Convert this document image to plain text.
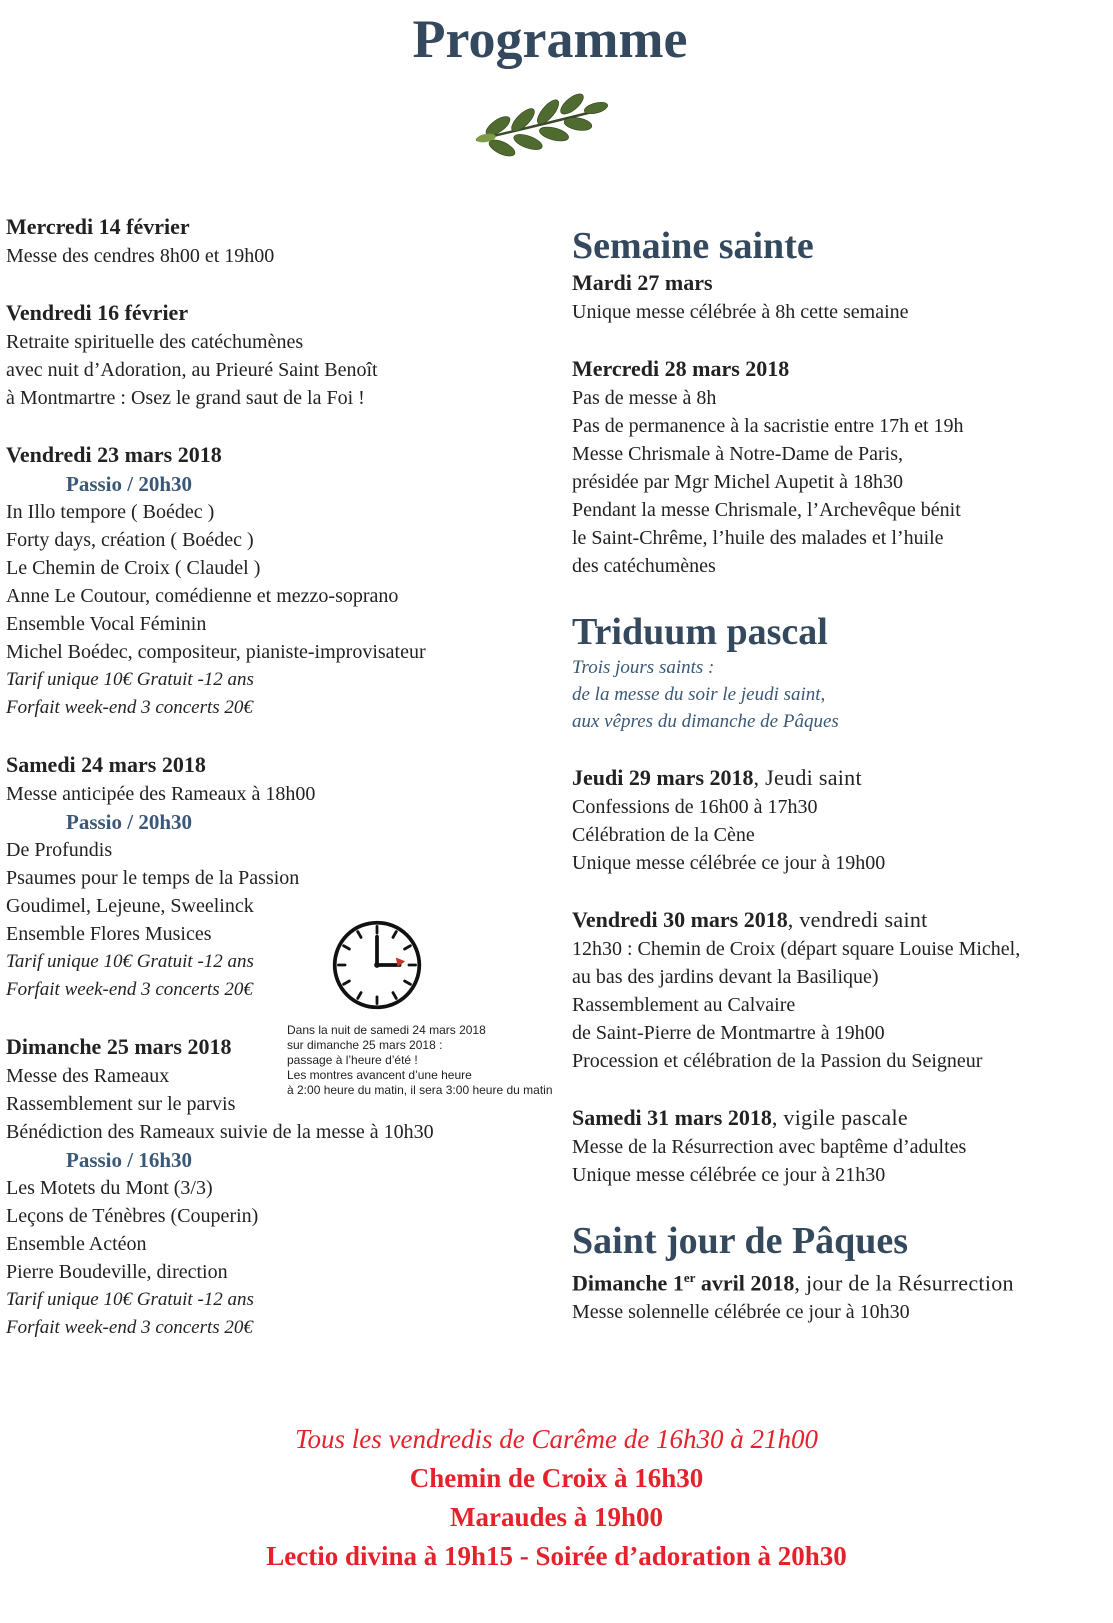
Programme
Mercredi 14 février
Messe des cendres 8h00 et 19h00
Vendredi 16 février
Retraite spirituelle des catéchumènes
avec nuit d’Adoration, au Prieuré Saint Benoît
à Montmartre : Osez le grand saut de la Foi !
Vendredi 23 mars 2018
Passio / 20h30
In Illo tempore ( Boédec )
Forty days, création ( Boédec )
Le Chemin de Croix ( Claudel )
Anne Le Coutour, comédienne et mezzo-soprano
Ensemble Vocal Féminin
Michel Boédec, compositeur, pianiste-improvisateur
Tarif unique 10€ Gratuit -12 ans
Forfait week-end 3 concerts 20€
Samedi 24 mars 2018
Messe anticipée des Rameaux à 18h00
Passio / 20h30
De Profundis
Psaumes pour le temps de la Passion
Goudimel, Lejeune, Sweelinck
Ensemble Flores Musices
Tarif unique 10€ Gratuit -12 ans
Forfait week-end 3 concerts 20€
Dimanche 25 mars 2018
Messe des Rameaux
Rassemblement sur le parvis
Bénédiction des Rameaux suivie de la messe à 10h30
Passio / 16h30
Les Motets du Mont (3/3)
Leçons de Ténèbres (Couperin)
Ensemble Actéon
Pierre Boudeville, direction
Tarif unique 10€ Gratuit -12 ans
Forfait week-end 3 concerts 20€
Dans la nuit de samedi 24 mars 2018
sur dimanche 25 mars 2018 :
passage à l’heure d’été !
Les montres avancent d’une heure
à 2:00 heure du matin, il sera 3:00 heure du matin
Semaine sainte
Mardi 27 mars
Unique messe célébrée à 8h cette semaine
Mercredi 28 mars 2018
Pas de messe à 8h
Pas de permanence à la sacristie entre 17h et 19h
Messe Chrismale à Notre-Dame de Paris,
présidée par Mgr Michel Aupetit à 18h30
Pendant la messe Chrismale, l’Archevêque bénit
le Saint-Chrême, l’huile des malades et l’huile
des catéchumènes
Triduum pascal
Trois jours saints :
de la messe du soir le jeudi saint,
aux vêpres du dimanche de Pâques
Jeudi 29 mars 2018, Jeudi saint
Confessions de 16h00 à 17h30
Célébration de la Cène
Unique messe célébrée ce jour à 19h00
Vendredi 30 mars 2018, vendredi saint
12h30 : Chemin de Croix (départ square Louise Michel,
au bas des jardins devant la Basilique)
Rassemblement au Calvaire
de Saint-Pierre de Montmartre à 19h00
Procession et célébration de la Passion du Seigneur
Samedi 31 mars 2018, vigile pascale
Messe de la Résurrection avec baptême d’adultes
Unique messe célébrée ce jour à 21h30
Saint jour de Pâques
Dimanche 1er avril 2018, jour de la Résurrection
Messe solennelle célébrée ce jour à 10h30
Tous les vendredis de Carême de 16h30 à 21h00
Chemin de Croix à 16h30
Maraudes à 19h00
Lectio divina à 19h15 - Soirée d’adoration à 20h30
